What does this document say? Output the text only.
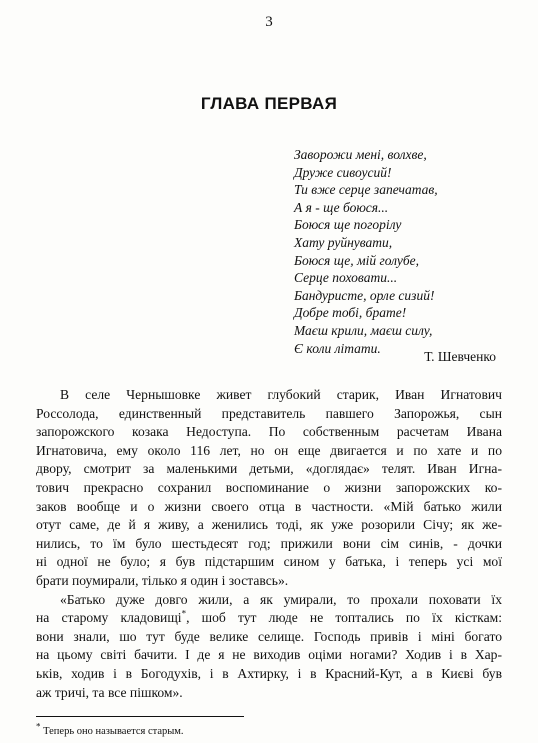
3
ГЛАВА ПЕРВАЯ
Заворожи мені, волхве,
Друже сивоусий!
Ти вже серце запечатав,
А я - ще боюся...
Боюся ще погорілу
Хату руйнувати,
Боюся ще, мій голубе,
Серце поховати...
Бандуристе, орле сизий!
Добре тобі, брате!
Маєш крили, маєш силу,
Є коли літати.
Т. Шевченко
В селе Чернышовке живет глубокий старик, Иван Игнатович
Россолода, единственный представитель павшего Запорожья, сын
запорожского козака Недоступа. По собственным расчетам Ивана
Игнатовича, ему около 116 лет, но он еще двигается и по хате и по
двору, смотрит за маленькими детьми, «доглядає» телят. Иван Игна-
тович прекрасно сохранил воспоминание о жизни запорожских ко-
заков вообще и о жизни своего отца в частности. «Мій батько жили
отут саме, де й я живу, а женились тоді, як уже розорили Січу; як же-
нились, то їм було шестьдесят год; прижили вони сім синів, - дочки
ні одної не було; я був підстаршим сином у батька, і теперь усі мої
брати поумирали, тілько я один і зоставсь».
«Батько дуже довго жили, а як умирали, то прохали поховати їх
на старому кладовищі*, шоб тут люде не топтались по їх кісткам:
вони знали, шо тут буде велике селище. Господь привів і міні богато
на цьому світі бачити. І де я не виходив оціми ногами? Ходив і в Хар-
ьків, ходив і в Богодухів, і в Ахтирку, і в Красний-Кут, а в Києві був
аж тричі, та все пішком».
* Теперь оно называется старым.
